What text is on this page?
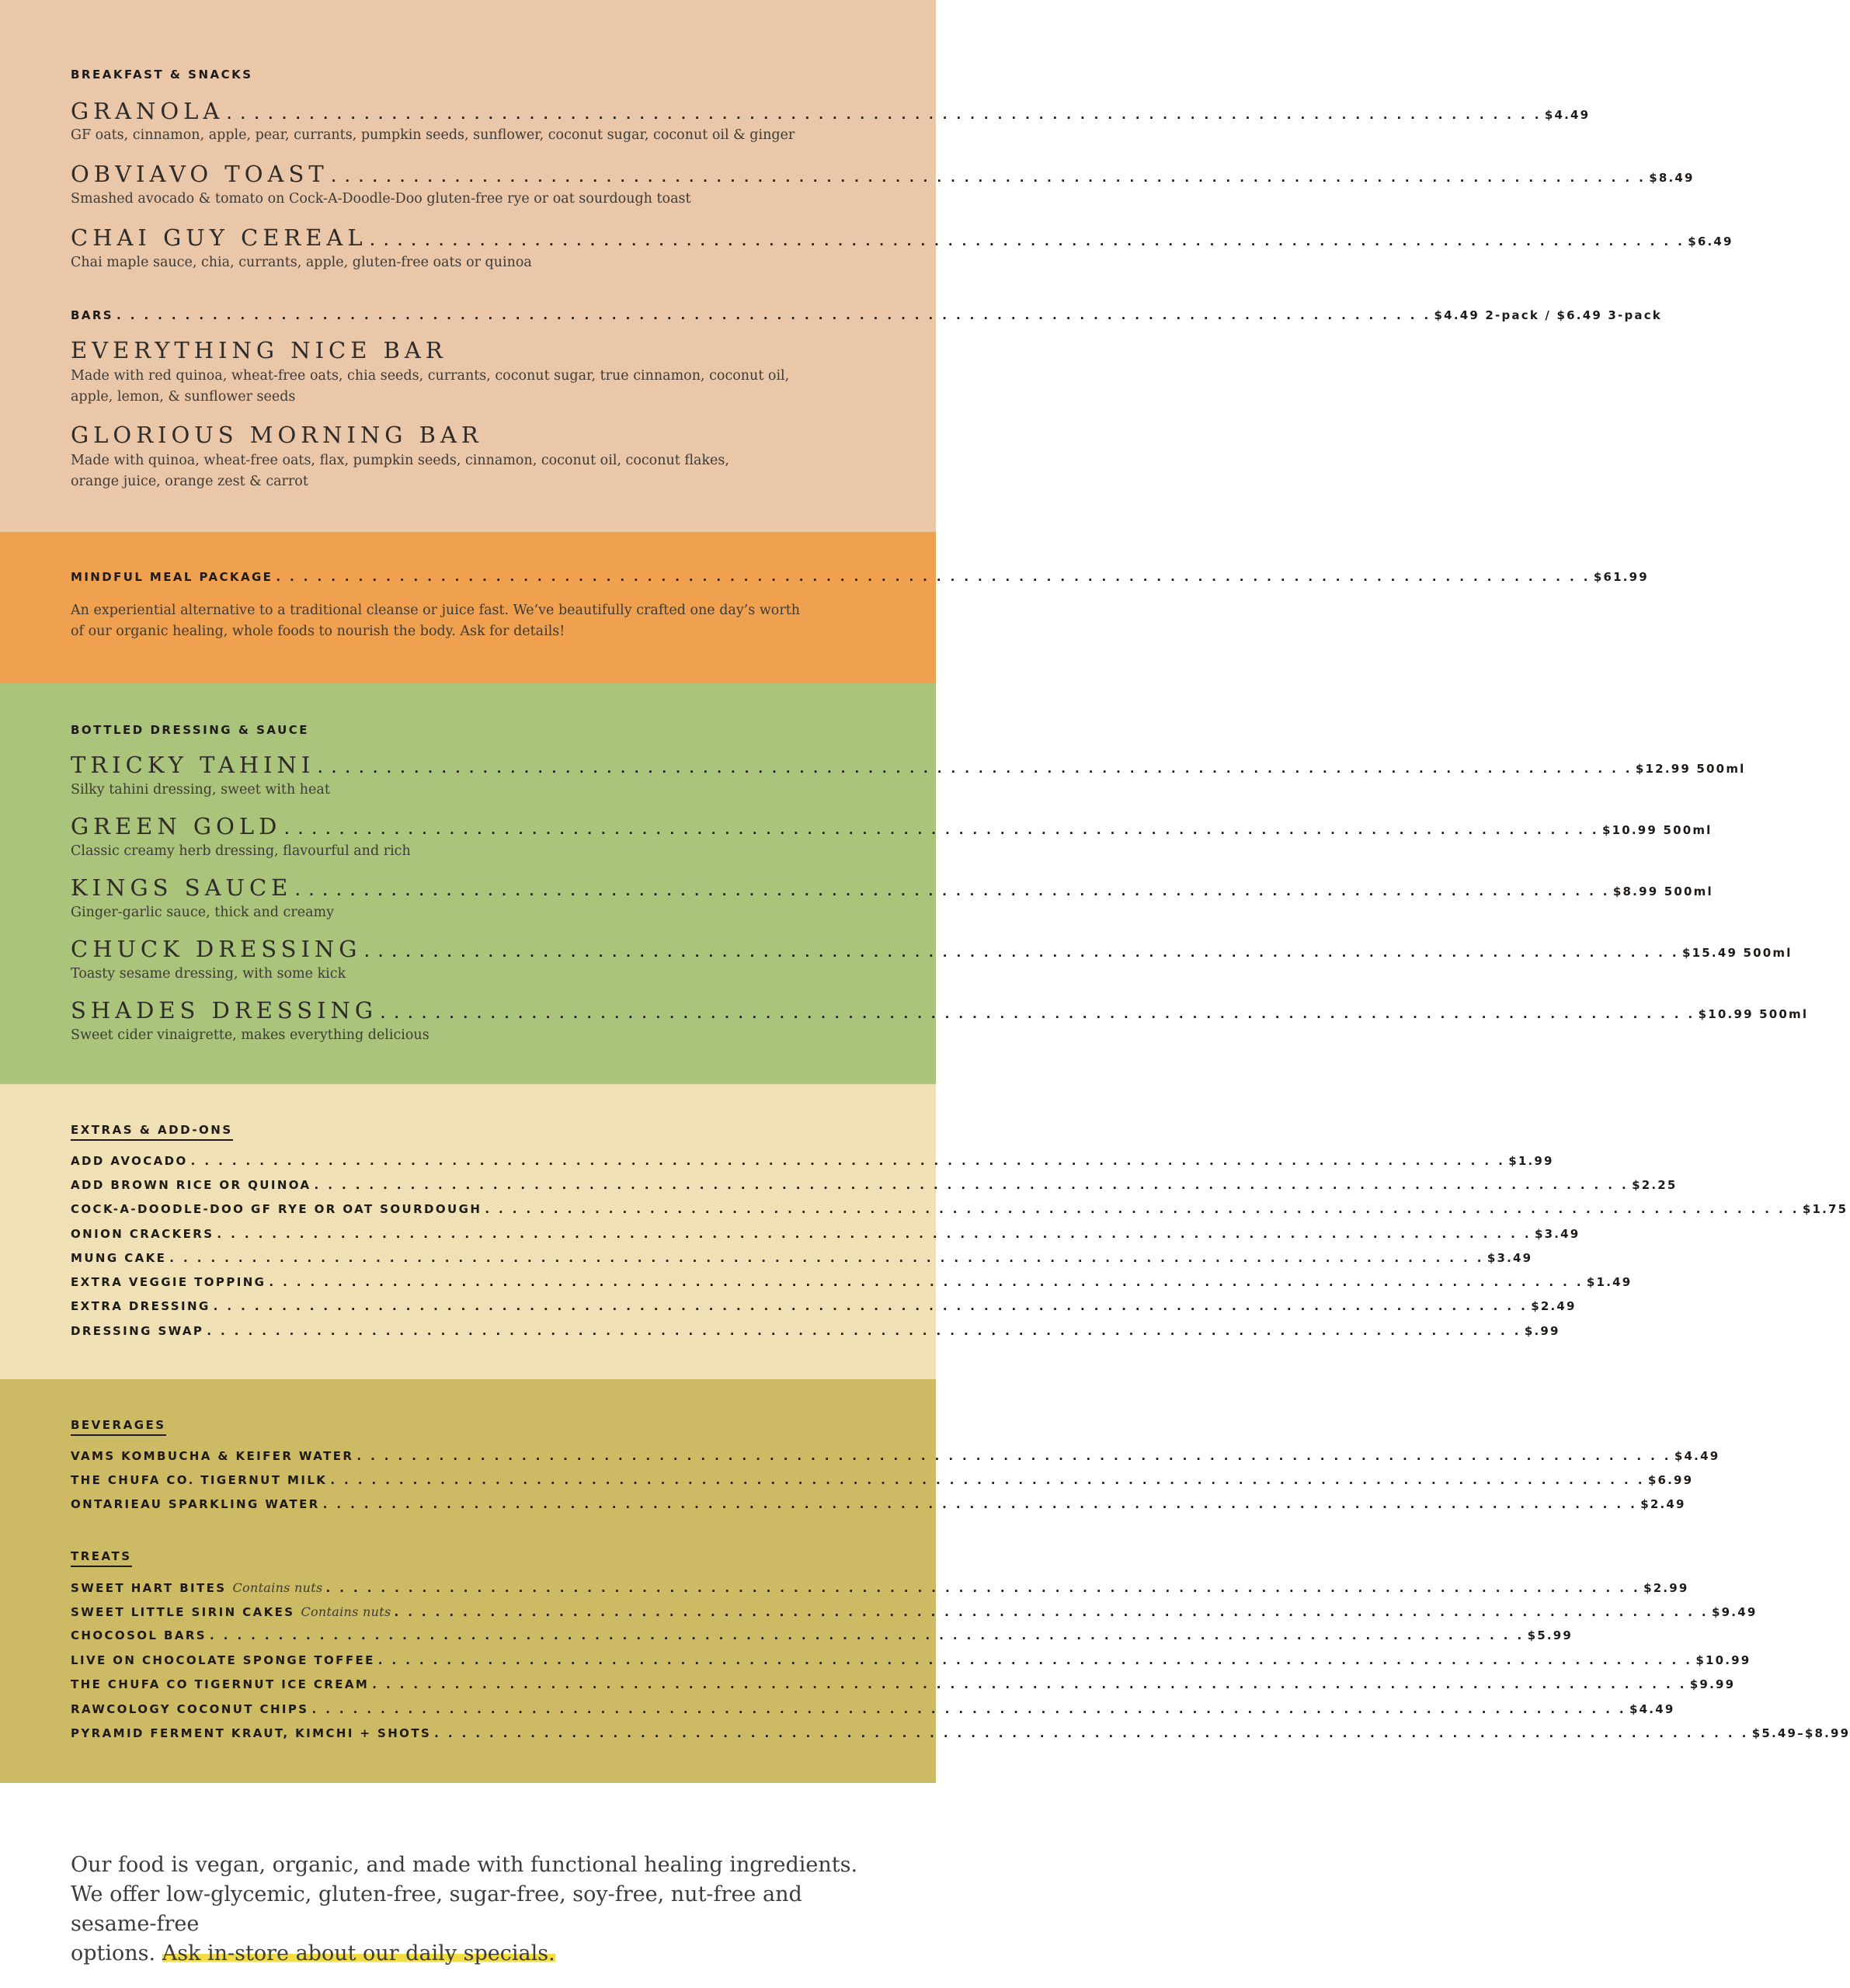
BREAKFAST & SNACKS
GRANOLA . . . . . . . . . . . . . . . . . . . . . . . . . . . . . . . . . . . . . . . . . . . . . . . . . . . . . . . . . . . . . . . . . . . . . . . . . . . . . . . . . . . . . . . . . . . . . . . . $4.49
GF oats, cinnamon, apple, pear, currants, pumpkin seeds, sunflower, coconut sugar, coconut oil & ginger
OBVIAVO TOAST . . . . . . . . . . . . . . . . . . . . . . . . . . . . . . . . . . . . . . . . . . . . . . . . . . . . . . . . . . . . . . . . . . . . . . . . . . . . . . . . . . . . . . . . . . . . . . . . $8.49
Smashed avocado & tomato on Cock-A-Doodle-Doo gluten-free rye or oat sourdough toast
CHAI GUY CEREAL . . . . . . . . . . . . . . . . . . . . . . . . . . . . . . . . . . . . . . . . . . . . . . . . . . . . . . . . . . . . . . . . . . . . . . . . . . . . . . . . . . . . . . . . . . . . . . . . $6.49
Chai maple sauce, chia, currants, apple, gluten-free oats or quinoa
BARS . . . . . . . . . . . . . . . . . . . . . . . . . . . . . . . . . . . . . . . . . . . . . . . . . . . . . . . . . . . . . . . . . . . . . . . . . . . . . . . . . . . . . . . . . . . . . . . . $4.49 2-pack / $6.49 3-pack
EVERYTHING NICE BAR
Made with red quinoa, wheat-free oats, chia seeds, currants, coconut sugar, true cinnamon, coconut oil,
apple, lemon, & sunflower seeds
GLORIOUS MORNING BAR
Made with quinoa, wheat-free oats, flax, pumpkin seeds, cinnamon, coconut oil, coconut flakes,
orange juice, orange zest & carrot
MINDFUL MEAL PACKAGE . . . . . . . . . . . . . . . . . . . . . . . . . . . . . . . . . . . . . . . . . . . . . . . . . . . . . . . . . . . . . . . . . . . . . . . . . . . . . . . . . . . . . . . . . . . . . . . . $61.99
An experiential alternative to a traditional cleanse or juice fast. We’ve beautifully crafted one day’s worth
of our organic healing, whole foods to nourish the body. Ask for details!
BOTTLED DRESSING & SAUCE
TRICKY TAHINI . . . . . . . . . . . . . . . . . . . . . . . . . . . . . . . . . . . . . . . . . . . . . . . . . . . . . . . . . . . . . . . . . . . . . . . . . . . . . . . . . . . . . . . . . . . . . . . . $12.99 500ml
Silky tahini dressing, sweet with heat
GREEN GOLD . . . . . . . . . . . . . . . . . . . . . . . . . . . . . . . . . . . . . . . . . . . . . . . . . . . . . . . . . . . . . . . . . . . . . . . . . . . . . . . . . . . . . . . . . . . . . . . . $10.99 500ml
Classic creamy herb dressing, flavourful and rich
KINGS SAUCE . . . . . . . . . . . . . . . . . . . . . . . . . . . . . . . . . . . . . . . . . . . . . . . . . . . . . . . . . . . . . . . . . . . . . . . . . . . . . . . . . . . . . . . . . . . . . . . . $8.99 500ml
Ginger-garlic sauce, thick and creamy
CHUCK DRESSING . . . . . . . . . . . . . . . . . . . . . . . . . . . . . . . . . . . . . . . . . . . . . . . . . . . . . . . . . . . . . . . . . . . . . . . . . . . . . . . . . . . . . . . . . . . . . . . . $15.49 500ml
Toasty sesame dressing, with some kick
SHADES DRESSING . . . . . . . . . . . . . . . . . . . . . . . . . . . . . . . . . . . . . . . . . . . . . . . . . . . . . . . . . . . . . . . . . . . . . . . . . . . . . . . . . . . . . . . . . . . . . . . . $10.99 500ml
Sweet cider vinaigrette, makes everything delicious
EXTRAS & ADD-ONS
ADD AVOCADO . . . . . . . . . . . . . . . . . . . . . . . . . . . . . . . . . . . . . . . . . . . . . . . . . . . . . . . . . . . . . . . . . . . . . . . . . . . . . . . . . . . . . . . . . . . . . . . . $1.99
ADD BROWN RICE OR QUINOA . . . . . . . . . . . . . . . . . . . . . . . . . . . . . . . . . . . . . . . . . . . . . . . . . . . . . . . . . . . . . . . . . . . . . . . . . . . . . . . . . . . . . . . . . . . . . . . . $2.25
COCK-A-DOODLE-DOO GF RYE OR OAT SOURDOUGH . . . . . . . . . . . . . . . . . . . . . . . . . . . . . . . . . . . . . . . . . . . . . . . . . . . . . . . . . . . . . . . . . . . . . . . . . . . . . . . . . . . . . . . . . . . . . . . . $1.75
ONION CRACKERS . . . . . . . . . . . . . . . . . . . . . . . . . . . . . . . . . . . . . . . . . . . . . . . . . . . . . . . . . . . . . . . . . . . . . . . . . . . . . . . . . . . . . . . . . . . . . . . . $3.49
MUNG CAKE . . . . . . . . . . . . . . . . . . . . . . . . . . . . . . . . . . . . . . . . . . . . . . . . . . . . . . . . . . . . . . . . . . . . . . . . . . . . . . . . . . . . . . . . . . . . . . . . $3.49
EXTRA VEGGIE TOPPING . . . . . . . . . . . . . . . . . . . . . . . . . . . . . . . . . . . . . . . . . . . . . . . . . . . . . . . . . . . . . . . . . . . . . . . . . . . . . . . . . . . . . . . . . . . . . . . . $1.49
EXTRA DRESSING . . . . . . . . . . . . . . . . . . . . . . . . . . . . . . . . . . . . . . . . . . . . . . . . . . . . . . . . . . . . . . . . . . . . . . . . . . . . . . . . . . . . . . . . . . . . . . . . $2.49
DRESSING SWAP . . . . . . . . . . . . . . . . . . . . . . . . . . . . . . . . . . . . . . . . . . . . . . . . . . . . . . . . . . . . . . . . . . . . . . . . . . . . . . . . . . . . . . . . . . . . . . . . $.99
BEVERAGES
VAMS KOMBUCHA & KEIFER WATER . . . . . . . . . . . . . . . . . . . . . . . . . . . . . . . . . . . . . . . . . . . . . . . . . . . . . . . . . . . . . . . . . . . . . . . . . . . . . . . . . . . . . . . . . . . . . . . . $4.49
THE CHUFA CO. TIGERNUT MILK . . . . . . . . . . . . . . . . . . . . . . . . . . . . . . . . . . . . . . . . . . . . . . . . . . . . . . . . . . . . . . . . . . . . . . . . . . . . . . . . . . . . . . . . . . . . . . . . $6.99
ONTARIEAU SPARKLING WATER . . . . . . . . . . . . . . . . . . . . . . . . . . . . . . . . . . . . . . . . . . . . . . . . . . . . . . . . . . . . . . . . . . . . . . . . . . . . . . . . . . . . . . . . . . . . . . . . $2.49
TREATS
SWEET HART BITES Contains nuts . . . . . . . . . . . . . . . . . . . . . . . . . . . . . . . . . . . . . . . . . . . . . . . . . . . . . . . . . . . . . . . . . . . . . . . . . . . . . . . . . . . . . . . . . . . . . . . . $2.99
SWEET LITTLE SIRIN CAKES Contains nuts . . . . . . . . . . . . . . . . . . . . . . . . . . . . . . . . . . . . . . . . . . . . . . . . . . . . . . . . . . . . . . . . . . . . . . . . . . . . . . . . . . . . . . . . . . . . . . . . $9.49
CHOCOSOL BARS . . . . . . . . . . . . . . . . . . . . . . . . . . . . . . . . . . . . . . . . . . . . . . . . . . . . . . . . . . . . . . . . . . . . . . . . . . . . . . . . . . . . . . . . . . . . . . . . $5.99
LIVE ON CHOCOLATE SPONGE TOFFEE . . . . . . . . . . . . . . . . . . . . . . . . . . . . . . . . . . . . . . . . . . . . . . . . . . . . . . . . . . . . . . . . . . . . . . . . . . . . . . . . . . . . . . . . . . . . . . . . $10.99
THE CHUFA CO TIGERNUT ICE CREAM . . . . . . . . . . . . . . . . . . . . . . . . . . . . . . . . . . . . . . . . . . . . . . . . . . . . . . . . . . . . . . . . . . . . . . . . . . . . . . . . . . . . . . . . . . . . . . . . $9.99
RAWCOLOGY COCONUT CHIPS . . . . . . . . . . . . . . . . . . . . . . . . . . . . . . . . . . . . . . . . . . . . . . . . . . . . . . . . . . . . . . . . . . . . . . . . . . . . . . . . . . . . . . . . . . . . . . . . $4.49
PYRAMID FERMENT KRAUT, KIMCHI + SHOTS . . . . . . . . . . . . . . . . . . . . . . . . . . . . . . . . . . . . . . . . . . . . . . . . . . . . . . . . . . . . . . . . . . . . . . . . . . . . . . . . . . . . . . . . . . . . . . . . $5.49–$8.99
Our food is vegan, organic, and made with functional healing ingredients.
We offer low-glycemic, gluten-free, sugar-free, soy-free, nut-free and sesame-free
options. Ask in-store about our daily specials.
